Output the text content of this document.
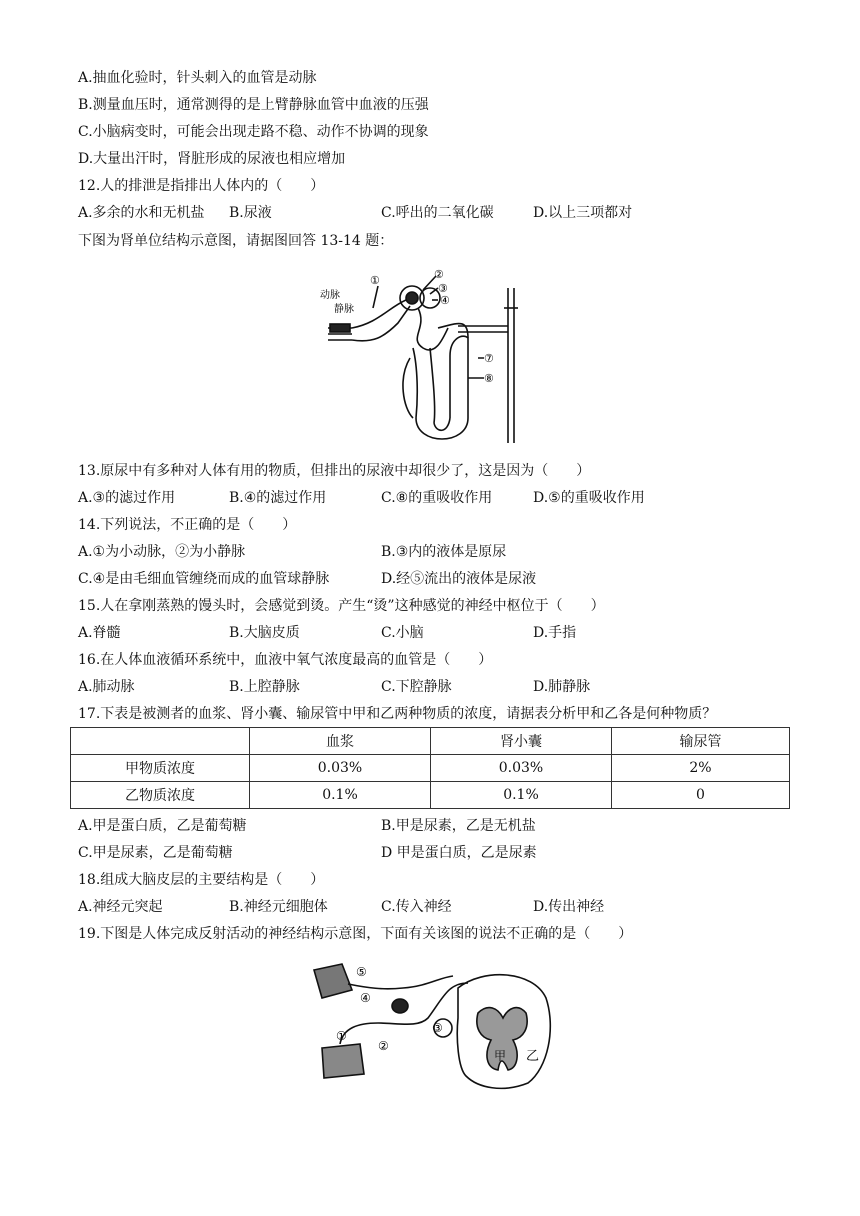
A.抽血化验时，针头刺入的血管是动脉
B.测量血压时，通常测得的是上臂静脉血管中血液的压强
C.小脑病变时，可能会出现走路不稳、动作不协调的现象
D.大量出汗时，肾脏形成的尿液也相应增加
12.人的排泄是指排出人体内的（　　）
A.多余的水和无机盐 B.尿液	C.呼出的二氧化碳	D.以上三项都对
下图为肾单位结构示意图，请据图回答 13-14 题：
动脉
静脉
①	②
③
④
⑦
⑧
13.原尿中有多种对人体有用的物质，但排出的尿液中却很少了，这是因为（　　）
A.③的滤过作用	B.④的滤过作用	C.⑧的重吸收作用	D.⑤的重吸收作用
14.下列说法，不正确的是（　　）
A.①为小动脉，②为小静脉	B.③内的液体是原尿
C.④是由毛细血管缠绕而成的血管球静脉	D.经⑤流出的液体是尿液
15.人在拿刚蒸熟的馒头时，会感觉到烫。产生“烫”这种感觉的神经中枢位于（　　）
A.脊髓	B.大脑皮质	C.小脑	D.手指
16.在人体血液循环系统中，血液中氧气浓度最高的血管是（　　）
A.肺动脉	B.上腔静脉	C.下腔静脉	D.肺静脉
17.下表是被测者的血浆、肾小囊、输尿管中甲和乙两种物质的浓度，请据表分析甲和乙各是何种物质？
	血浆	肾小囊	输尿管
甲物质浓度	0.03%	0.03%	2%
乙物质浓度	0.1%	0.1%	0
A.甲是蛋白质，乙是葡萄糖	B.甲是尿素，乙是无机盐
C.甲是尿素，乙是葡萄糖	D 甲是蛋白质，乙是尿素
18.组成大脑皮层的主要结构是（　　）
A.神经元突起	B.神经元细胞体	C.传入神经	D.传出神经
19.下图是人体完成反射活动的神经结构示意图，下面有关该图的说法不正确的是（　　）
⑤
④
③
②
①
甲 乙
